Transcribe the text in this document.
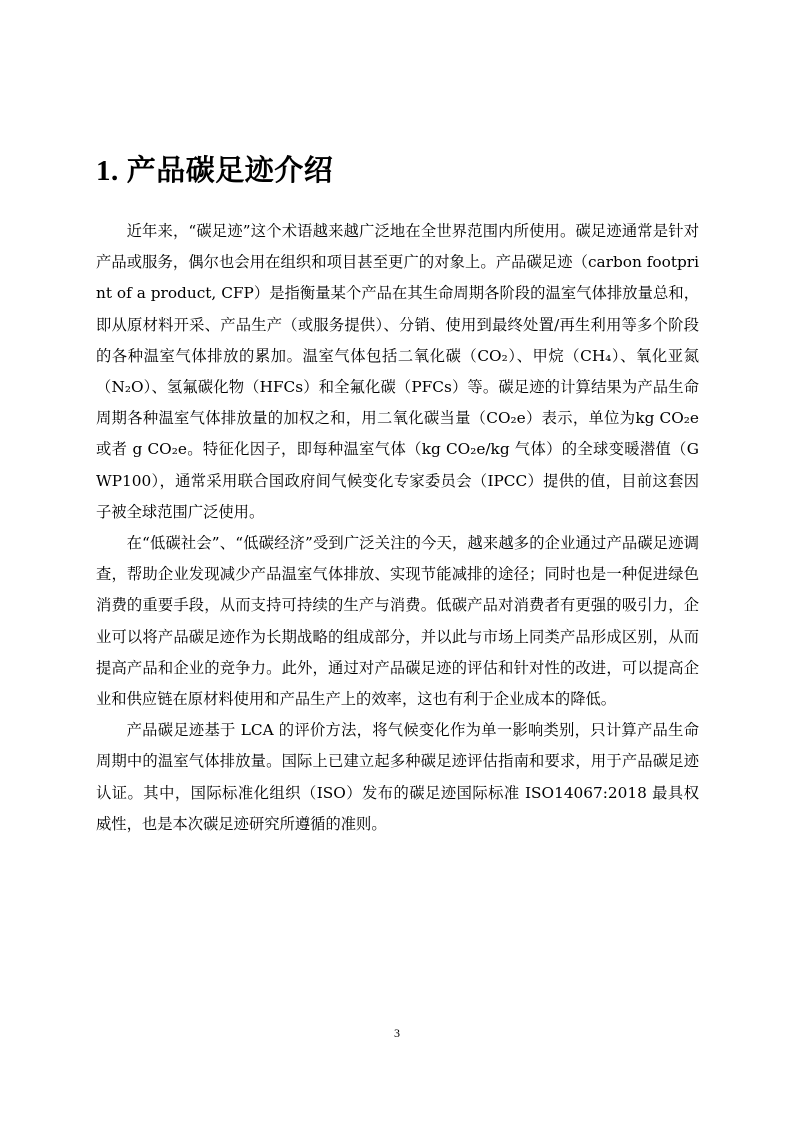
1. 产品碳足迹介绍

近年来，“碳足迹”这个术语越来越广泛地在全世界范围内所使用。碳足迹通常是针对产品或服务，偶尔也会用在组织和项目甚至更广的对象上。产品碳足迹（carbon footprint of a product, CFP）是指衡量某个产品在其生命周期各阶段的温室气体排放量总和，即从原材料开采、产品生产（或服务提供）、分销、使用到最终处置/再生利用等多个阶段的各种温室气体排放的累加。温室气体包括二氧化碳（CO₂）、甲烷（CH₄）、氧化亚氮（N₂O）、氢氟碳化物（HFCs）和全氟化碳（PFCs）等。碳足迹的计算结果为产品生命周期各种温室气体排放量的加权之和，用二氧化碳当量（CO₂e）表示，单位为kg CO₂e 或者 g CO₂e。特征化因子，即每种温室气体（kg CO₂e/kg 气体）的全球变暖潜值（GWP100），通常采用联合国政府间气候变化专家委员会（IPCC）提供的值，目前这套因子被全球范围广泛使用。

在“低碳社会”、“低碳经济”受到广泛关注的今天，越来越多的企业通过产品碳足迹调查，帮助企业发现减少产品温室气体排放、实现节能减排的途径；同时也是一种促进绿色消费的重要手段，从而支持可持续的生产与消费。低碳产品对消费者有更强的吸引力，企业可以将产品碳足迹作为长期战略的组成部分，并以此与市场上同类产品形成区别，从而提高产品和企业的竞争力。此外，通过对产品碳足迹的评估和针对性的改进，可以提高企业和供应链在原材料使用和产品生产上的效率，这也有利于企业成本的降低。

产品碳足迹基于 LCA 的评价方法，将气候变化作为单一影响类别，只计算产品生命周期中的温室气体排放量。国际上已建立起多种碳足迹评估指南和要求，用于产品碳足迹认证。其中，国际标准化组织（ISO）发布的碳足迹国际标准 ISO14067:2018 最具权威性，也是本次碳足迹研究所遵循的准则。

3
